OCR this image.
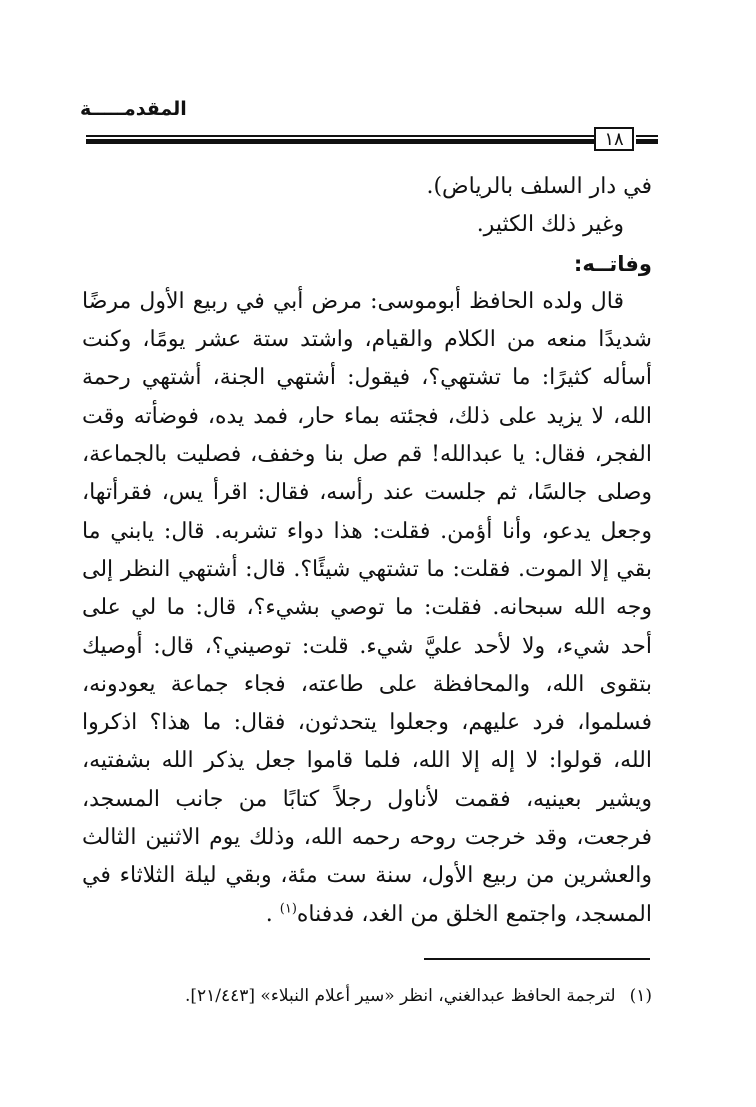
المقدمـــــة
١٨
في دار السلف بالرياض).
وغير ذلك الكثير.
وفاتــه:
قال ولده الحافظ أبوموسى: مرض أبي في ربيع الأول مرضًا
شديدًا منعه من الكلام والقيام، واشتد ستة عشر يومًا، وكنت
أسأله كثيرًا: ما تشتهي؟، فيقول: أشتهي الجنة، أشتهي رحمة
الله، لا يزيد على ذلك، فجئته بماء حار، فمد يده، فوضأته وقت
الفجر، فقال: يا عبدالله! قم صل بنا وخفف، فصليت بالجماعة،
وصلى جالسًا، ثم جلست عند رأسه، فقال: اقرأ يس، فقرأتها،
وجعل يدعو، وأنا أؤمن. فقلت: هذا دواء تشربه. قال: يابني ما
بقي إلا الموت. فقلت: ما تشتهي شيئًا؟. قال: أشتهي النظر إلى
وجه الله سبحانه. فقلت: ما توصي بشيء؟، قال: ما لي على
أحد شيء، ولا لأحد عليَّ شيء. قلت: توصيني؟، قال: أوصيك
بتقوى الله، والمحافظة على طاعته، فجاء جماعة يعودونه،
فسلموا، فرد عليهم، وجعلوا يتحدثون، فقال: ما هذا؟ اذكروا
الله، قولوا: لا إله إلا الله، فلما قاموا جعل يذكر الله بشفتيه،
ويشير بعينيه، فقمت لأناول رجلاً كتابًا من جانب المسجد،
فرجعت، وقد خرجت روحه رحمه الله، وذلك يوم الاثنين الثالث
والعشرين من ربيع الأول، سنة ست مئة، وبقي ليلة الثلاثاء في
المسجد، واجتمع الخلق من الغد، فدفناه$^{(١)}$ .
(١)لترجمة الحافظ عبدالغني، انظر «سير أعلام النبلاء» [٢١/٤٤٣].
